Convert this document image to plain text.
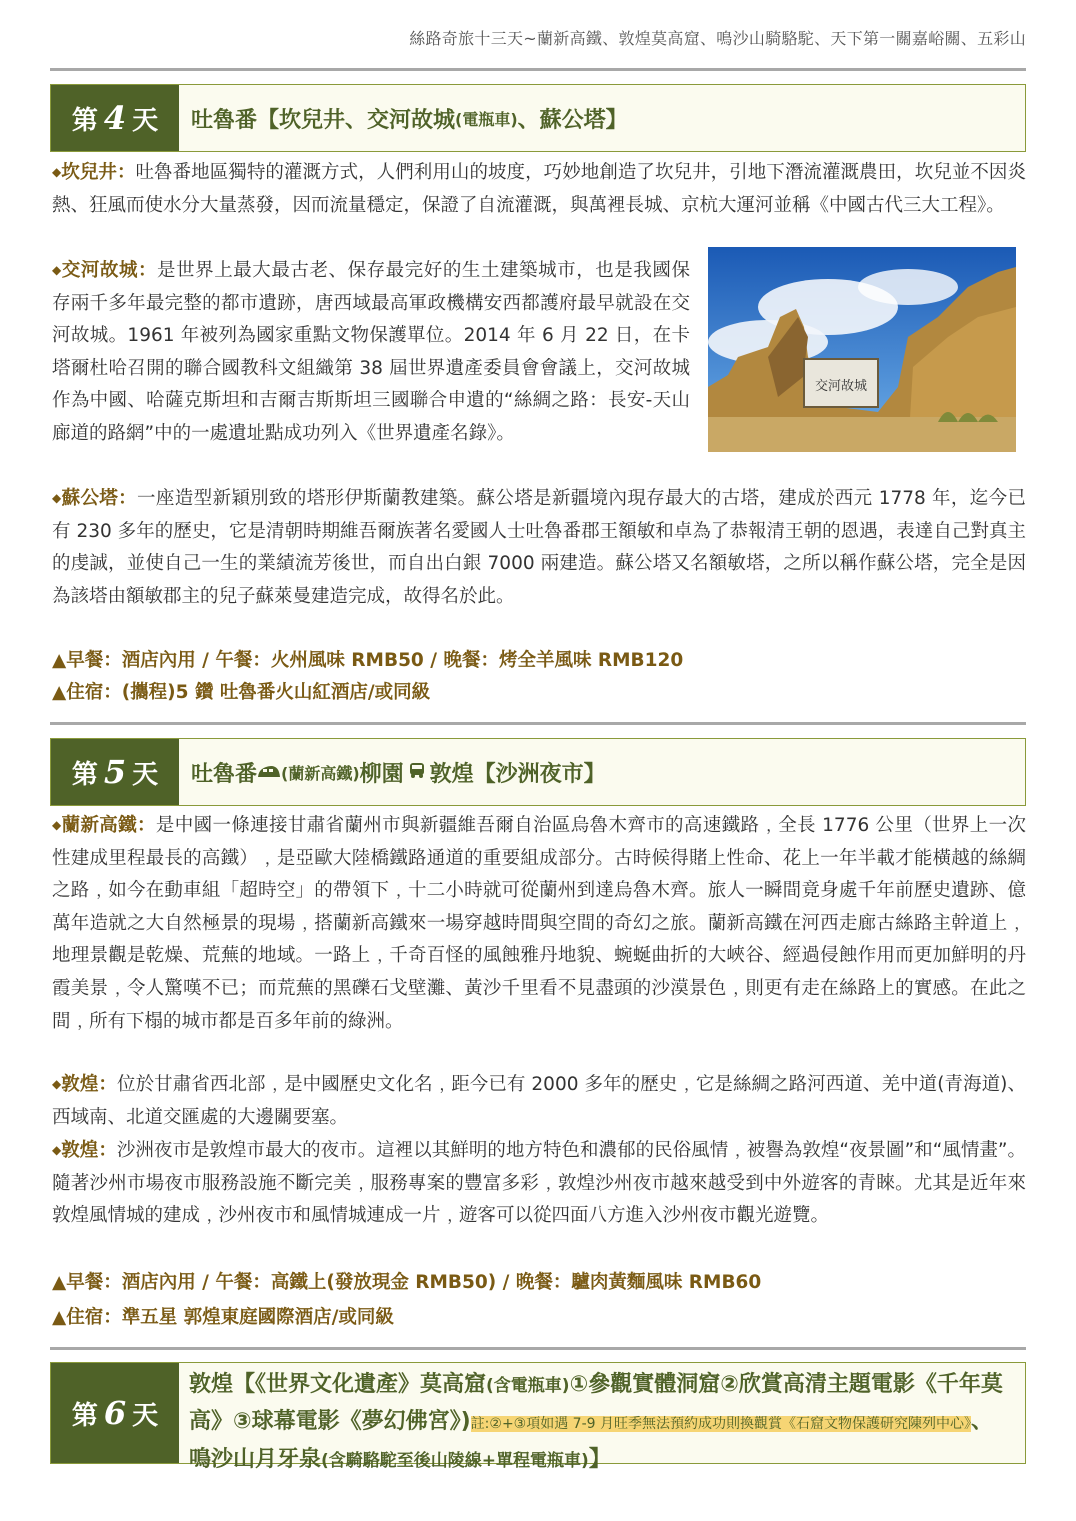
絲路奇旅十三天~蘭新高鐵、敦煌莫高窟、鳴沙山騎駱駝、天下第一關嘉峪關、五彩山
第 4 天 吐魯番【坎兒井、交河故城 (電瓶車) 、蘇公塔】
◆坎兒井：吐魯番地區獨特的灌溉方式，人們利用山的坡度，巧妙地創造了坎兒井，引地下潛流灌溉農田，坎兒並不因炎熱、狂風而使水分大量蒸發，因而流量穩定，保證了自流灌溉，與萬裡長城、京杭大運河並稱《中國古代三大工程》。
交河故城
◆交河故城：是世界上最大最古老、保存最完好的生土建築城市，也是我國保存兩千多年最完整的都市遺跡，唐西域最高軍政機構安西都護府最早就設在交河故城。1961 年被列為國家重點文物保護單位。2014 年 6 月 22 日，在卡塔爾杜哈召開的聯合國教科文組織第 38 屆世界遺產委員會會議上，交河故城作為中國、哈薩克斯坦和吉爾吉斯斯坦三國聯合申遺的“絲綢之路：長安-天山廊道的路網”中的一處遺址點成功列入《世界遺產名錄》。
◆蘇公塔：一座造型新穎別致的塔形伊斯蘭教建築。蘇公塔是新疆境內現存最大的古塔，建成於西元 1778 年，迄今已有 230 多年的歷史，它是清朝時期維吾爾族著名愛國人士吐魯番郡王額敏和卓為了恭報清王朝的恩遇，表達自己對真主的虔誠，並使自己一生的業績流芳後世，而自出白銀 7000 兩建造。蘇公塔又名額敏塔，之所以稱作蘇公塔，完全是因為該塔由額敏郡主的兒子蘇萊曼建造完成，故得名於此。
▲早餐：酒店內用 / 午餐：火州風味 RMB50 / 晚餐：烤全羊風味 RMB120
▲住宿：(攜程)5 鑽 吐魯番火山紅酒店/或同級
第 5 天 吐魯番 (蘭新高鐵) 柳園 敦煌【沙洲夜市】
◆蘭新高鐵：是中國一條連接甘肅省蘭州市與新疆維吾爾自治區烏魯木齊市的高速鐵路﹐全長 1776 公里（世界上一次性建成里程最長的高鐵）﹐是亞歐大陸橋鐵路通道的重要組成部分。古時候得賭上性命、花上一年半載才能橫越的絲綢之路﹐如今在動車組「超時空」的帶領下﹐十二小時就可從蘭州到達烏魯木齊。旅人一瞬間竟身處千年前歷史遺跡、億萬年造就之大自然極景的現場﹐搭蘭新高鐵來一場穿越時間與空間的奇幻之旅。蘭新高鐵在河西走廊古絲路主幹道上﹐地理景觀是乾燥、荒蕪的地域。一路上﹐千奇百怪的風蝕雅丹地貌、蜿蜒曲折的大峽谷、經過侵蝕作用而更加鮮明的丹霞美景﹐令人驚嘆不已；而荒蕪的黑礫石戈壁灘、黃沙千里看不見盡頭的沙漠景色﹐則更有走在絲路上的實感。在此之間﹐所有下榻的城市都是百多年前的綠洲。
◆敦煌：位於甘肅省西北部﹐是中國歷史文化名﹐距今已有 2000 多年的歷史﹐它是絲綢之路河西道、羌中道(青海道)、西域南、北道交匯處的大邊關要塞。
◆敦煌：沙洲夜市是敦煌市最大的夜市。這裡以其鮮明的地方特色和濃郁的民俗風情﹐被譽為敦煌“夜景圖”和“風情畫”。隨著沙州市場夜市服務設施不斷完美﹐服務專案的豐富多彩﹐敦煌沙州夜市越來越受到中外遊客的青睞。尤其是近年來敦煌風情城的建成﹐沙州夜市和風情城連成一片﹐遊客可以從四面八方進入沙州夜市觀光遊覽。
▲早餐：酒店內用 / 午餐：高鐵上(發放現金 RMB50) / 晚餐：驢肉黃麵風味 RMB60
▲住宿：準五星 郭煌東庭國際酒店/或同級
第 6 天
敦煌【《世界文化遺產》莫高窟(含電瓶車)①參觀實體洞窟②欣賞高清主題電影《千年莫高》③球幕電影《夢幻佛宮》)註:②+③項如遇 7-9 月旺季無法預約成功則換觀賞《石窟文物保護研究陳列中心》、鳴沙山月牙泉(含騎駱駝至後山陵線+單程電瓶車)】
